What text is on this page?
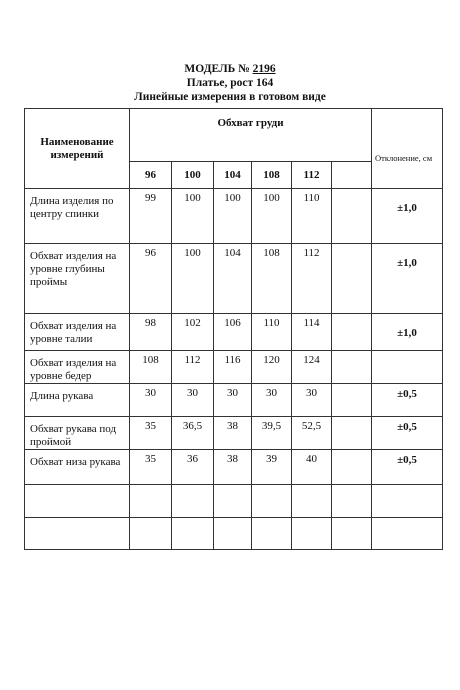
МОДЕЛЬ № 2196
Платье, рост 164
Линейные измерения в готовом виде
Наименование измерений	Обхват груди						Отклонение, см
	96	100	104	108	112		
Длина изделия по центру спинки	99	100	100	100	110		±1,0
Обхват изделия на уровне глубины проймы	96	100	104	108	112		±1,0
Обхват изделия на уровне талии	98	102	106	110	114		±1,0
Обхват изделия на уровне бедер	108	112	116	120	124		
Длина рукава	30	30	30	30	30		±0,5
Обхват рукава под проймой	35	36,5	38	39,5	52,5		±0,5
Обхват низа рукава	35	36	38	39	40		±0,5
